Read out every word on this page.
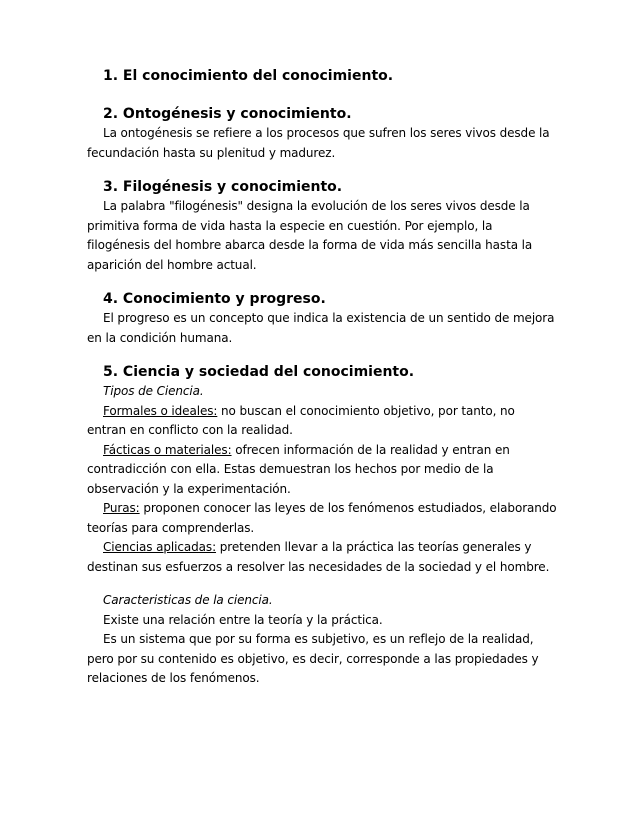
1. El conocimiento del conocimiento.

2. Ontogénesis y conocimiento.

La ontogénesis se refiere a los procesos que sufren los seres vivos desde la fecundación hasta su plenitud y madurez.

3. Filogénesis y conocimiento.

La palabra "filogénesis" designa la evolución de los seres vivos desde la primitiva forma de vida hasta la especie en cuestión. Por ejemplo, la filogénesis del hombre abarca desde la forma de vida más sencilla hasta la aparición del hombre actual.

4. Conocimiento y progreso.

El progreso es un concepto que indica la existencia de un sentido de mejora en la condición humana.

5. Ciencia y sociedad del conocimiento.

Tipos de Ciencia.

Formales o ideales: no buscan el conocimiento objetivo, por tanto, no entran en conflicto con la realidad.

Fácticas o materiales: ofrecen información de la realidad y entran en contradicción con ella. Estas demuestran los hechos por medio de la observación y la experimentación.

Puras: proponen conocer las leyes de los fenómenos estudiados, elaborando teorías para comprenderlas.

Ciencias aplicadas: pretenden llevar a la práctica las teorías generales y destinan sus esfuerzos a resolver las necesidades de la sociedad y el hombre.

Caracteristicas de la ciencia.

Existe una relación entre la teoría y la práctica.

Es un sistema que por su forma es subjetivo, es un reflejo de la realidad, pero por su contenido es objetivo, es decir, corresponde a las propiedades y relaciones de los fenómenos.
